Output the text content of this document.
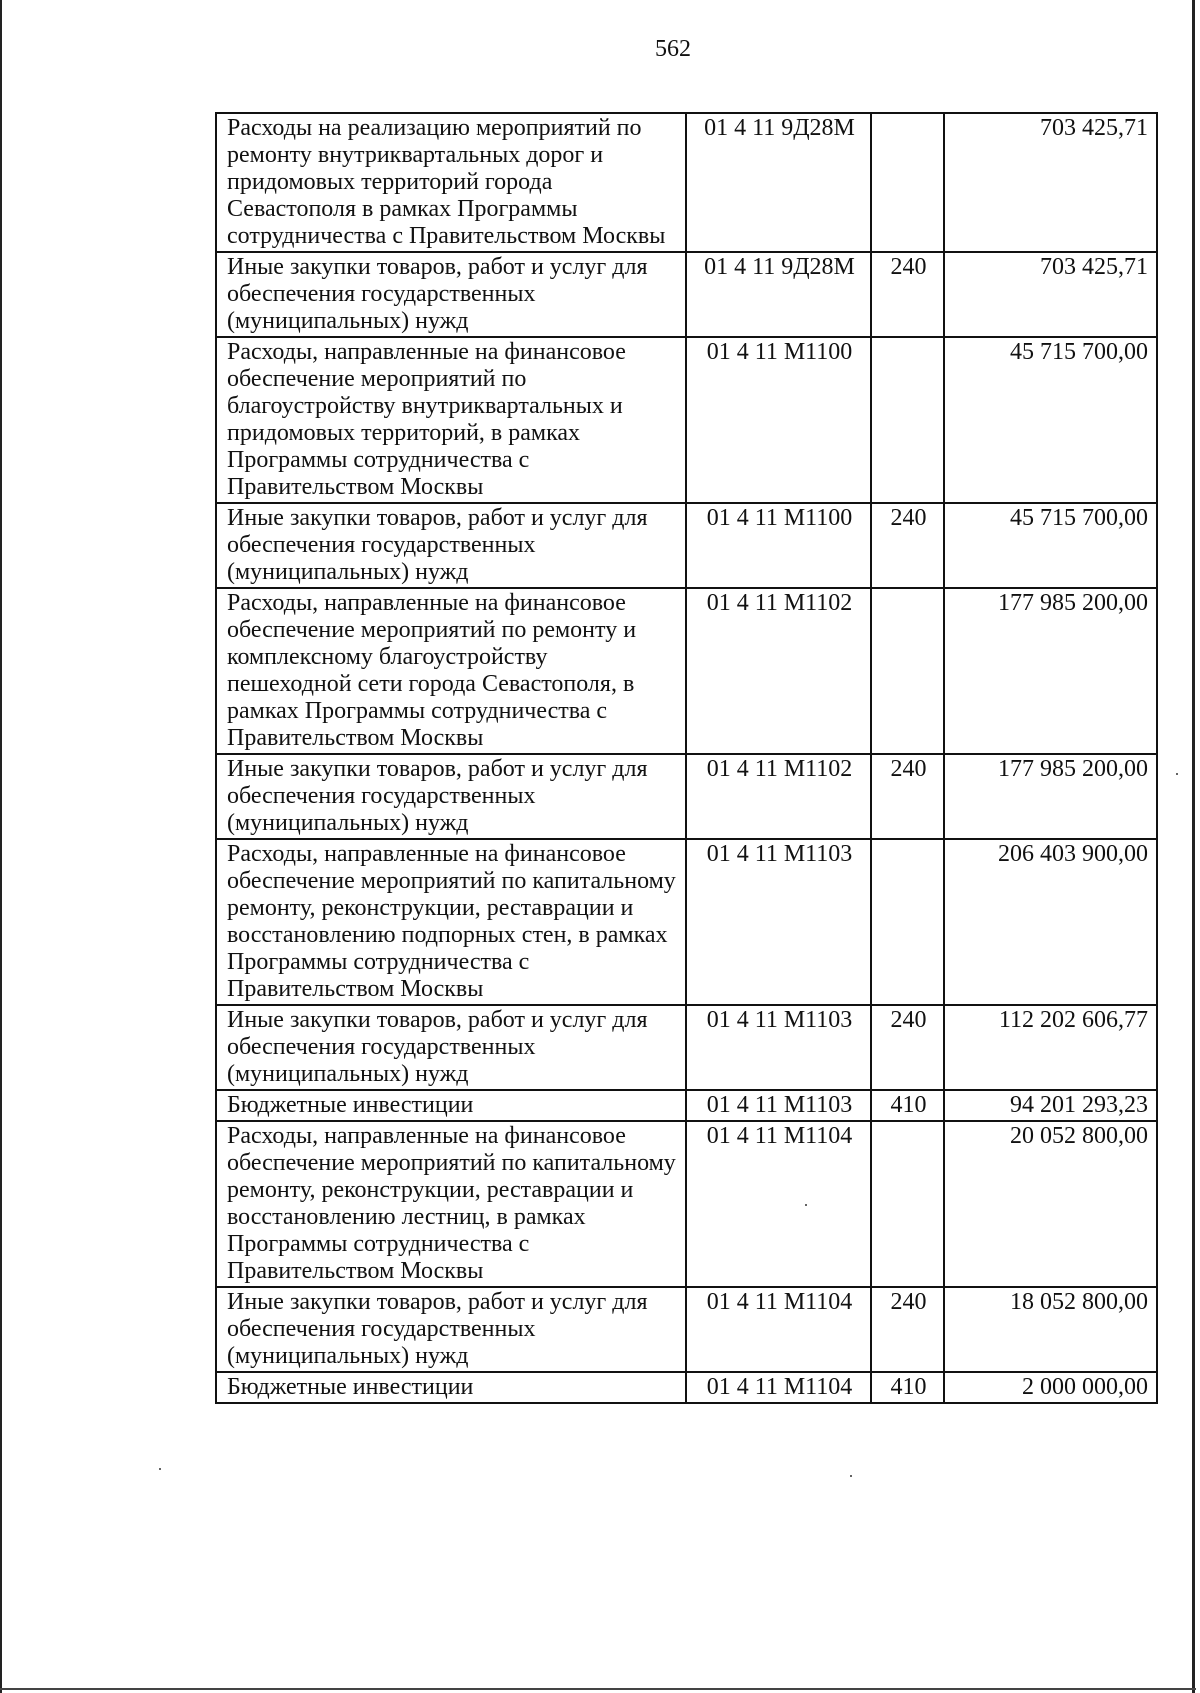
562
Расходы на реализацию мероприятий по ремонту внутриквартальных дорог и придомовых территорий города Севастополя в рамках Программы сотрудничества с Правительством Москвы	01 4 11 9Д28М		703 425,71
Иные закупки товаров, работ и услуг для обеспечения государственных (муниципальных) нужд	01 4 11 9Д28М	240	703 425,71
Расходы, направленные на финансовое обеспечение мероприятий по благоустройству внутриквартальных и придомовых территорий, в рамках Программы сотрудничества с Правительством Москвы	01 4 11 М1100		45 715 700,00
Иные закупки товаров, работ и услуг для обеспечения государственных (муниципальных) нужд	01 4 11 М1100	240	45 715 700,00
Расходы, направленные на финансовое обеспечение мероприятий по ремонту и комплексному благоустройству пешеходной сети города Севастополя, в рамках Программы сотрудничества с Правительством Москвы	01 4 11 М1102		177 985 200,00
Иные закупки товаров, работ и услуг для обеспечения государственных (муниципальных) нужд	01 4 11 М1102	240	177 985 200,00
Расходы, направленные на финансовое обеспечение мероприятий по капитальному ремонту, реконструкции, реставрации и восстановлению подпорных стен, в рамках Программы сотрудничества с Правительством Москвы	01 4 11 М1103		206 403 900,00
Иные закупки товаров, работ и услуг для обеспечения государственных (муниципальных) нужд	01 4 11 М1103	240	112 202 606,77
Бюджетные инвестиции	01 4 11 М1103	410	94 201 293,23
Расходы, направленные на финансовое обеспечение мероприятий по капитальному ремонту, реконструкции, реставрации и восстановлению лестниц, в рамках Программы сотрудничества с Правительством Москвы	01 4 11 М1104		20 052 800,00
Иные закупки товаров, работ и услуг для обеспечения государственных (муниципальных) нужд	01 4 11 М1104	240	18 052 800,00
Бюджетные инвестиции	01 4 11 М1104	410	2 000 000,00
